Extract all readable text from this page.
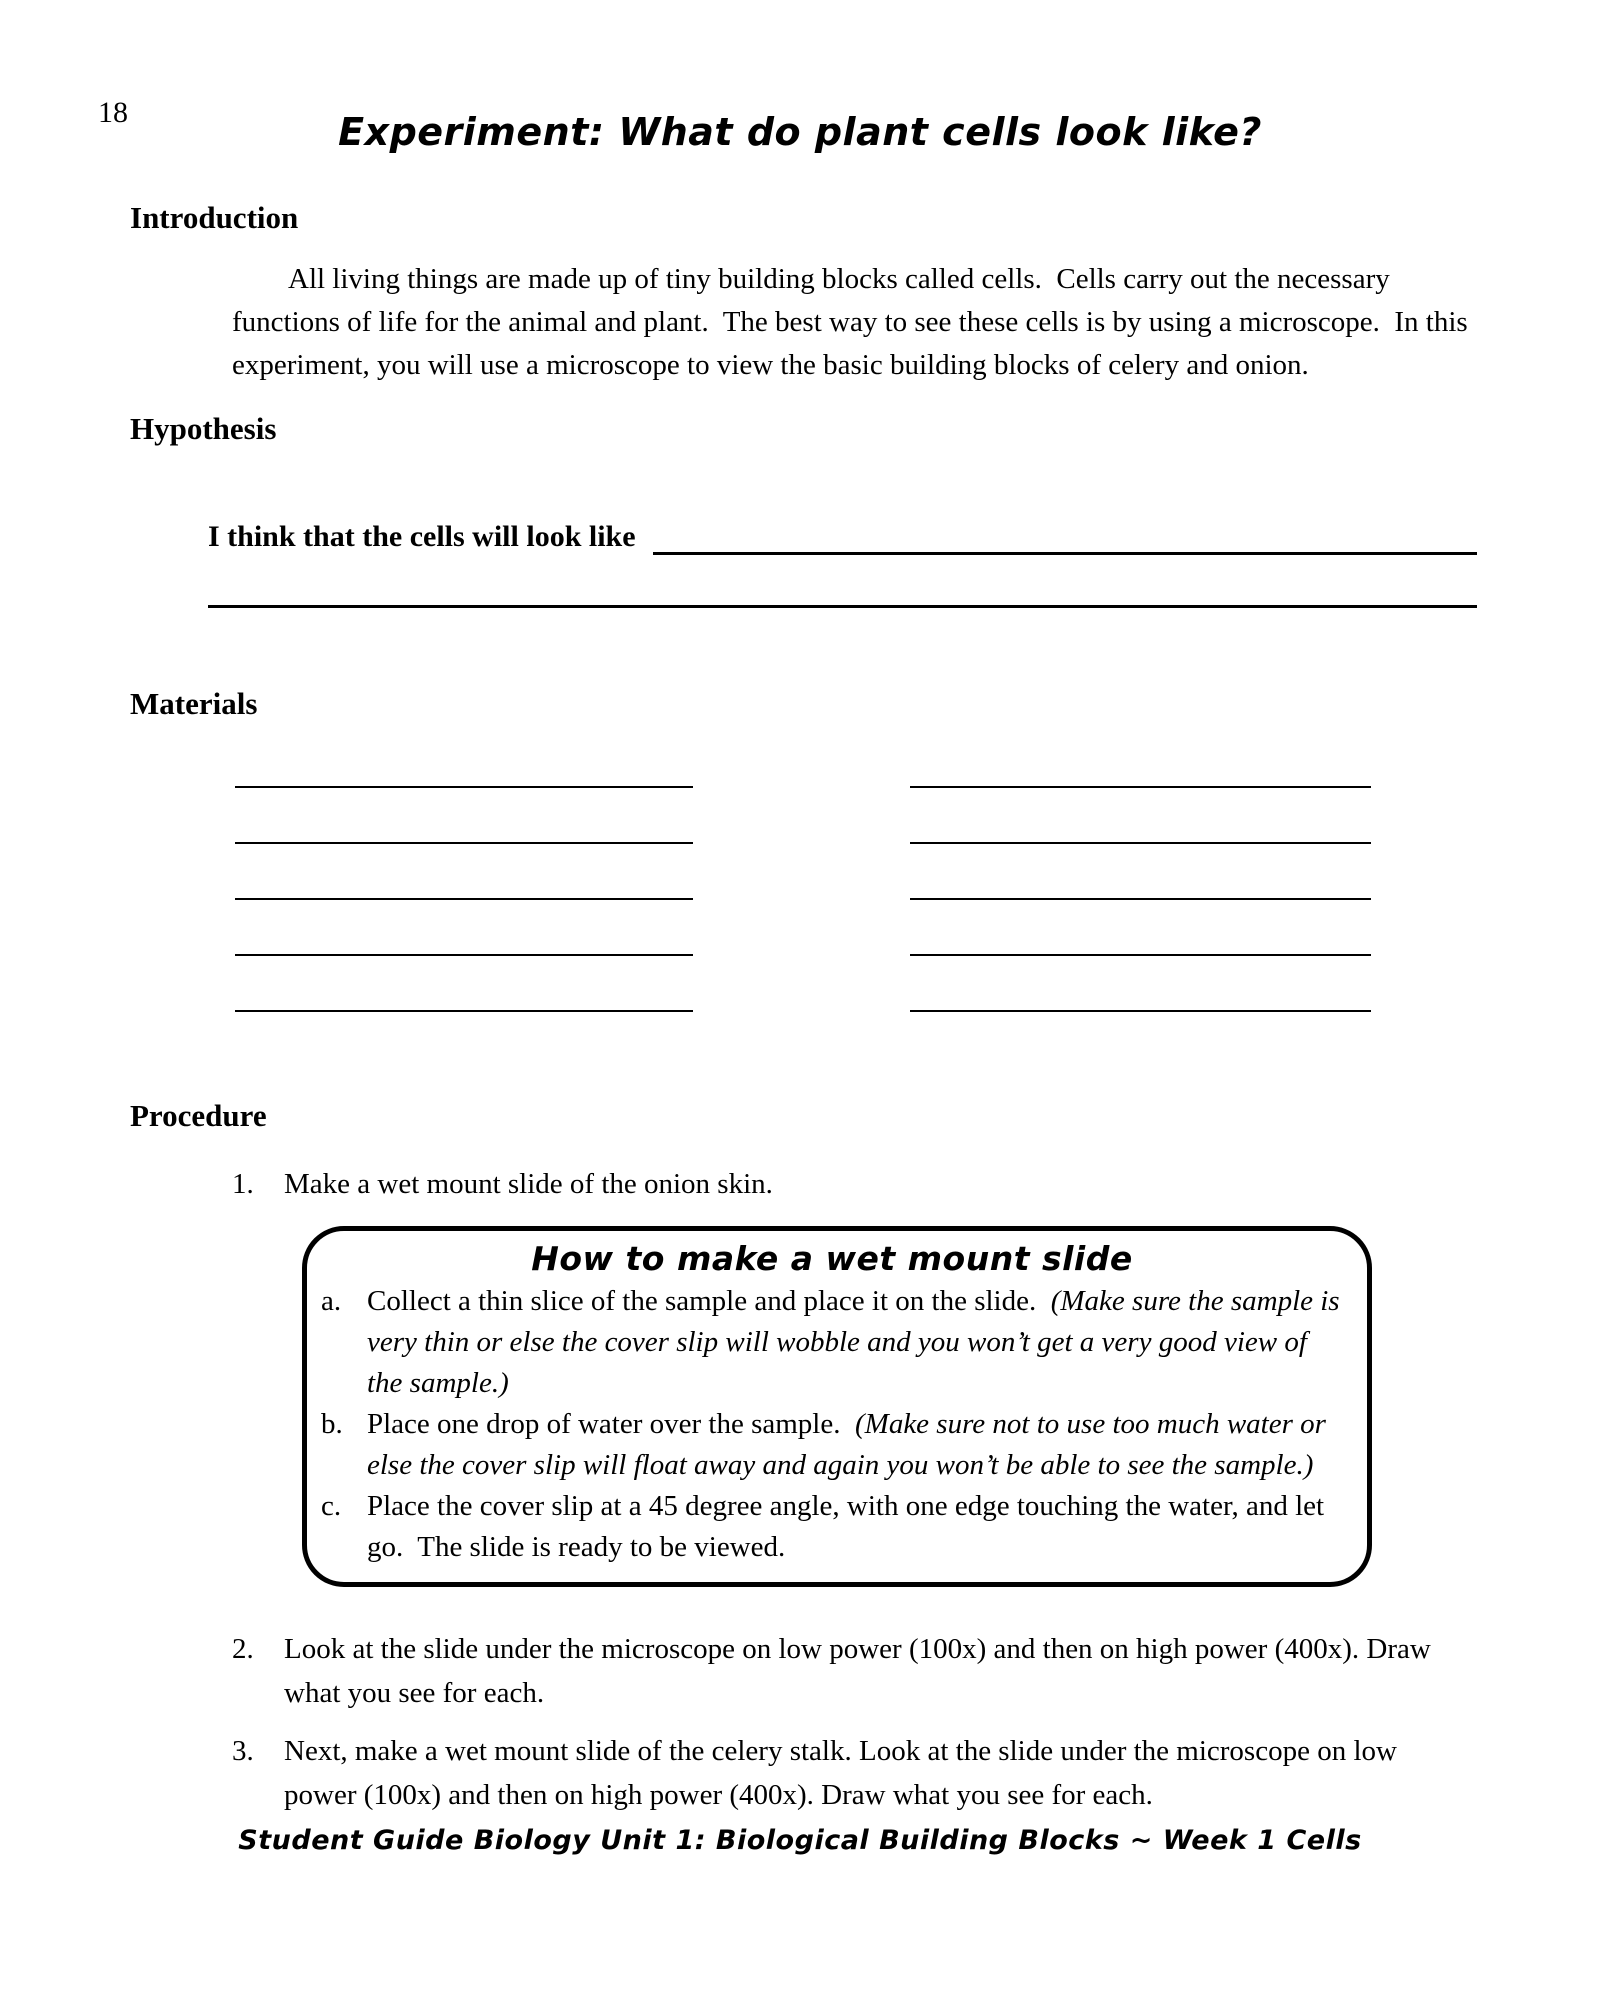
18	Experiment: What do plant cells look like?
Introduction

All living things are made up of tiny building blocks called cells.  Cells carry out the necessary functions of life for the animal and plant.  The best way to see these cells is by using a microscope.  In this experiment, you will use a microscope to view the basic building blocks of celery and onion.

Hypothesis
I think that the cells will look like
Materials
Procedure
1.	Make a wet mount slide of the onion skin.
How to make a wet mount slide
a. Collect a thin slice of the sample and place it on the slide.  (Make sure the sample is very thin or else the cover slip will wobble and you won’t get a very good view of the sample.)
b. Place one drop of water over the sample.  (Make sure not to use too much water or else the cover slip will float away and again you won’t be able to see the sample.)
c. Place the cover slip at a 45 degree angle, with one edge touching the water, and let go.  The slide is ready to be viewed.
2.	Look at the slide under the microscope on low power (100x) and then on high power (400x). Draw what you see for each.
3.	Next, make a wet mount slide of the celery stalk. Look at the slide under the microscope on low power (100x) and then on high power (400x). Draw what you see for each.
Student Guide Biology Unit 1: Biological Building Blocks ~ Week 1 Cells
